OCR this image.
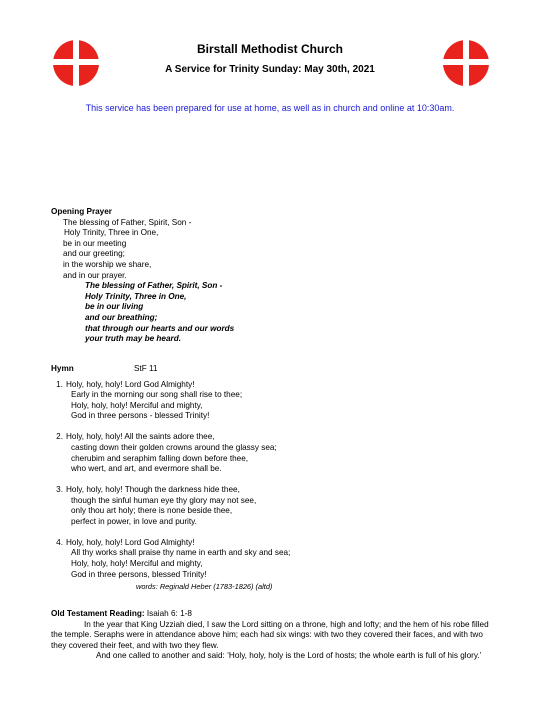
Birstall Methodist Church
A Service for Trinity Sunday: May 30th, 2021
This service has been prepared for use at home, as well as in church and online at 10:30am.
Opening Prayer
The blessing of Father, Spirit, Son -
Holy Trinity, Three in One,
be in our meeting
and our greeting;
in the worship we share,
and in our prayer.
The blessing of Father, Spirit, Son -
Holy Trinity, Three in One,
be in our living
and our breathing;
that through our hearts and our words
your truth may be heard.
Hymn	StF 11
1. Holy, holy, holy! Lord God Almighty!
Early in the morning our song shall rise to thee;
Holy, holy, holy! Merciful and mighty,
God in three persons - blessed Trinity!
2. Holy, holy, holy! All the saints adore thee,
casting down their golden crowns around the glassy sea;
cherubim and seraphim falling down before thee,
who wert, and art, and evermore shall be.
3. Holy, holy, holy! Though the darkness hide thee,
though the sinful human eye thy glory may not see,
only thou art holy; there is none beside thee,
perfect in power, in love and purity.
4. Holy, holy, holy! Lord God Almighty!
All thy works shall praise thy name in earth and sky and sea;
Holy, holy, holy! Merciful and mighty,
God in three persons, blessed Trinity!
words: Reginald Heber (1783-1826) (altd)
Old Testament Reading: Isaiah 6: 1-8

In the year that King Uzziah died, I saw the Lord sitting on a throne, high and lofty; and the hem of his robe filled the temple. Seraphs were in attendance above him; each had six wings: with two they covered their faces, and with two they covered their feet, and with two they flew.

And one called to another and said: ‘Holy, holy, holy is the Lord of hosts; the whole earth is full of his glory.’
